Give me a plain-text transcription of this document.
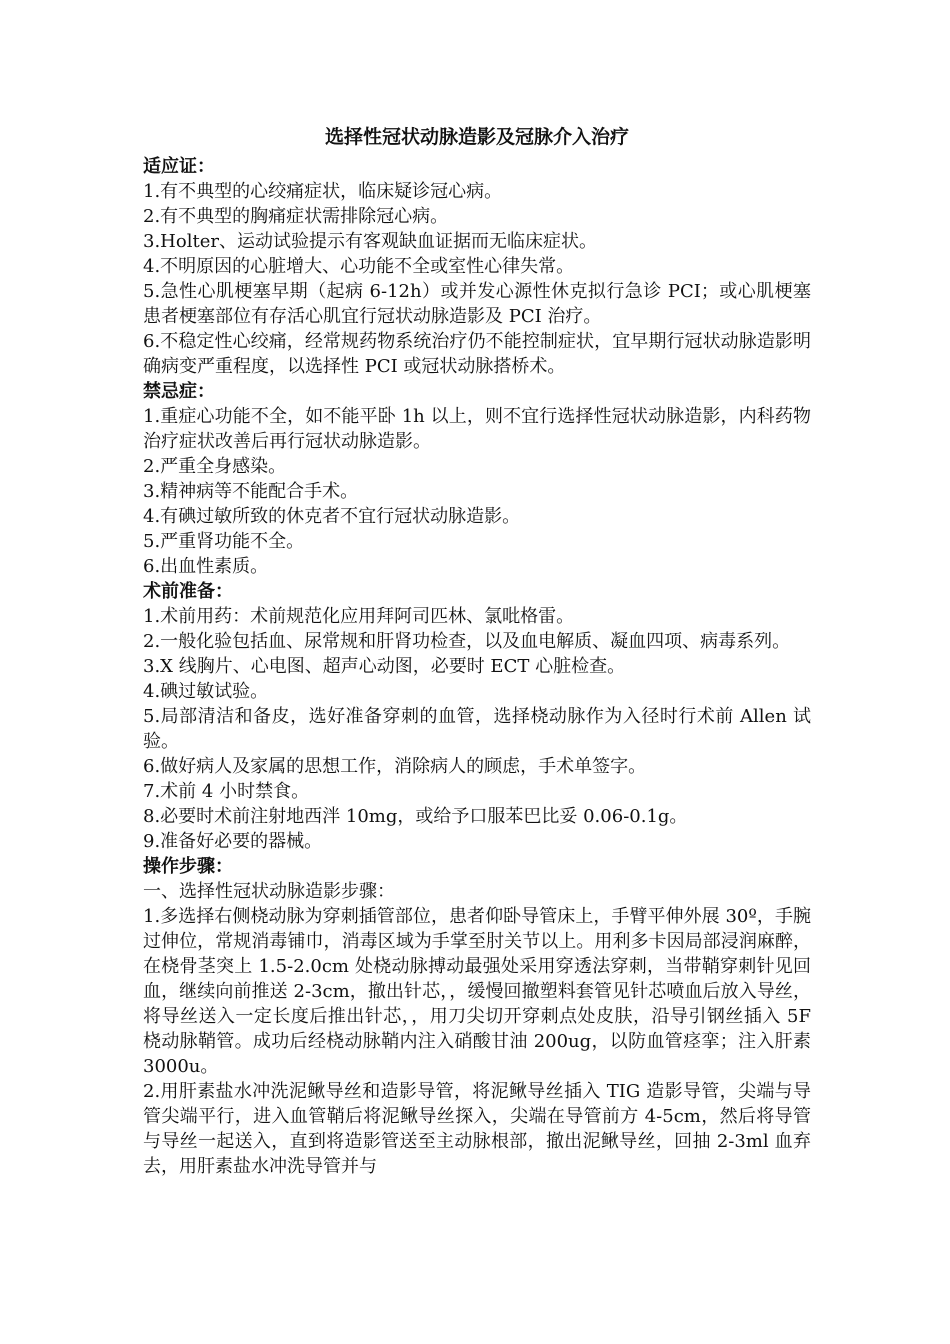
选择性冠状动脉造影及冠脉介入治疗

适应证：

1.有不典型的心绞痛症状，临床疑诊冠心病。

2.有不典型的胸痛症状需排除冠心病。

3.Holter、运动试验提示有客观缺血证据而无临床症状。

4.不明原因的心脏增大、心功能不全或室性心律失常。

5.急性心肌梗塞早期（起病 6-12h）或并发心源性休克拟行急诊 PCI；或心肌梗塞患者梗塞部位有存活心肌宜行冠状动脉造影及 PCI 治疗。

6.不稳定性心绞痛，经常规药物系统治疗仍不能控制症状，宜早期行冠状动脉造影明确病变严重程度，以选择性 PCI 或冠状动脉搭桥术。

禁忌症：

1.重症心功能不全，如不能平卧 1h 以上，则不宜行选择性冠状动脉造影，内科药物治疗症状改善后再行冠状动脉造影。

2.严重全身感染。

3.精神病等不能配合手术。

4.有碘过敏所致的休克者不宜行冠状动脉造影。

5.严重肾功能不全。

6.出血性素质。

术前准备：

1.术前用药：术前规范化应用拜阿司匹林、氯吡格雷。

2.一般化验包括血、尿常规和肝肾功检查，以及血电解质、凝血四项、病毒系列。

3.X 线胸片、心电图、超声心动图，必要时 ECT 心脏检查。

4.碘过敏试验。

5.局部清洁和备皮，选好准备穿刺的血管，选择桡动脉作为入径时行术前 Allen 试验。

6.做好病人及家属的思想工作，消除病人的顾虑，手术单签字。

7.术前 4 小时禁食。

8.必要时术前注射地西泮 10mg，或给予口服苯巴比妥 0.06-0.1g。

9.准备好必要的器械。

操作步骤：

一、选择性冠状动脉造影步骤：

1.多选择右侧桡动脉为穿刺插管部位，患者仰卧导管床上，手臂平伸外展 30º，手腕过伸位，常规消毒铺巾，消毒区域为手掌至肘关节以上。用利多卡因局部浸润麻醉，在桡骨茎突上 1.5-2.0cm 处桡动脉搏动最强处采用穿透法穿刺，当带鞘穿刺针见回血，继续向前推送 2-3cm，撤出针芯，，缓慢回撤塑料套管见针芯喷血后放入导丝，将导丝送入一定长度后推出针芯，，用刀尖切开穿刺点处皮肤，沿导引钢丝插入 5F 桡动脉鞘管。成功后经桡动脉鞘内注入硝酸甘油 200ug，以防血管痉挛；注入肝素 3000u。

2.用肝素盐水冲洗泥鳅导丝和造影导管，将泥鳅导丝插入 TIG 造影导管，尖端与导管尖端平行，进入血管鞘后将泥鳅导丝探入，尖端在导管前方 4-5cm，然后将导管与导丝一起送入，直到将造影管送至主动脉根部，撤出泥鳅导丝，回抽 2-3ml 血弃去，用肝素盐水冲洗导管并与
